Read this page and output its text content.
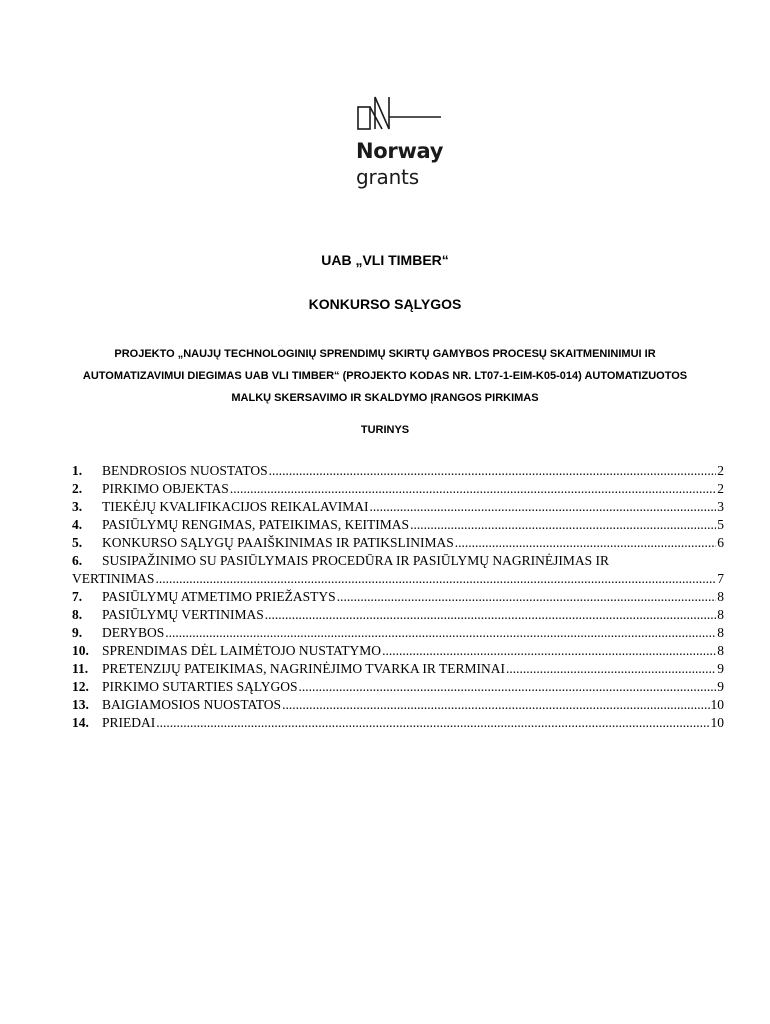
Norway
grants
UAB „VLI TIMBER“
KONKURSO SĄLYGOS
PROJEKTO „NAUJŲ TECHNOLOGINIŲ SPRENDIMŲ SKIRTŲ GAMYBOS PROCESŲ SKAITMENINIMUI IR
AUTOMATIZAVIMUI DIEGIMAS UAB VLI TIMBER“ (PROJEKTO KODAS NR. LT07-1-EIM-K05-014) AUTOMATIZUOTOS
MALKŲ SKERSAVIMO IR SKALDYMO ĮRANGOS PIRKIMAS
TURINYS
1.	BENDROSIOS NUOSTATOS .....	2
2.	PIRKIMO OBJEKTAS .....	2
3.	TIEKĖJŲ KVALIFIKACIJOS REIKALAVIMAI .....	3
4.	PASIŪLYMŲ RENGIMAS, PATEIKIMAS, KEITIMAS .....	5
5.	KONKURSO SĄLYGŲ PAAIŠKINIMAS IR PATIKSLINIMAS .....	6
6.	SUSIPAŽINIMO SU PASIŪLYMAIS PROCEDŪRA IR PASIŪLYMŲ NAGRINĖJIMAS IR
VERTINIMAS .....	7
7.	PASIŪLYMŲ ATMETIMO PRIEŽASTYS .....	8
8.	PASIŪLYMŲ VERTINIMAS .....	8
9.	DERYBOS .....	8
10. SPRENDIMAS DĖL LAIMĖTOJO NUSTATYMO .....	8
11.	PRETENZIJŲ PATEIKIMAS, NAGRINĖJIMO TVARKA IR TERMINAI .....	9
12. PIRKIMO SUTARTIES SĄLYGOS .....	9
13. BAIGIAMOSIOS NUOSTATOS .....	10
14. PRIEDAI .....	10
